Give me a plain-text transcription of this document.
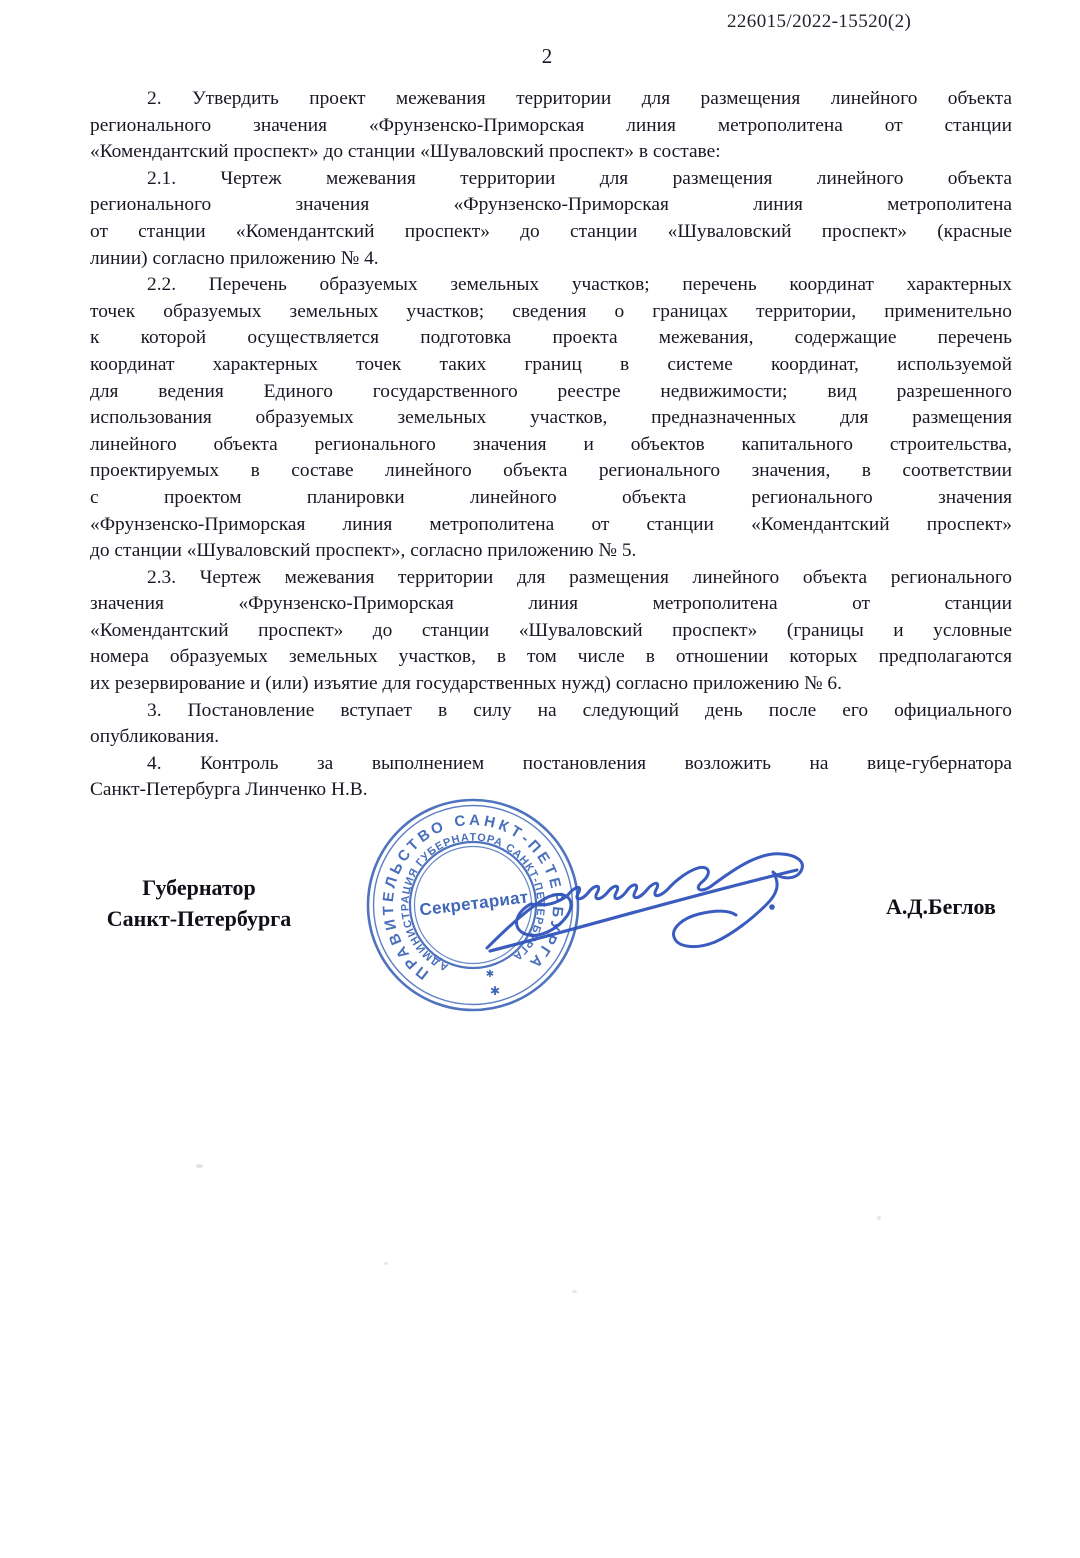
226015/2022-15520(2)
2
2. Утвердить проект межевания территории для размещения линейного объекта
регионального значения «Фрунзенско-Приморская линия метрополитена от станции
«Комендантский проспект» до станции «Шуваловский проспект» в составе:
2.1. Чертеж межевания территории для размещения линейного объекта
регионального значения «Фрунзенско-Приморская линия метрополитена
от станции «Комендантский проспект» до станции «Шуваловский проспект» (красные
линии) согласно приложению № 4.
2.2. Перечень образуемых земельных участков; перечень координат характерных
точек образуемых земельных участков; сведения о границах территории, применительно
к которой осуществляется подготовка проекта межевания, содержащие перечень
координат характерных точек таких границ в системе координат, используемой
для ведения Единого государственного реестре недвижимости; вид разрешенного
использования образуемых земельных участков, предназначенных для размещения
линейного объекта регионального значения и объектов капитального строительства,
проектируемых в составе линейного объекта регионального значения, в соответствии
с проектом планировки линейного объекта регионального значения
«Фрунзенско-Приморская линия метрополитена от станции «Комендантский проспект»
до станции «Шуваловский проспект», согласно приложению № 5.
2.3. Чертеж межевания территории для размещения линейного объекта регионального
значения «Фрунзенско-Приморская линия метрополитена от станции
«Комендантский проспект» до станции «Шуваловский проспект» (границы и условные
номера образуемых земельных участков, в том числе в отношении которых предполагаются
их резервирование и (или) изъятие для государственных нужд) согласно приложению № 6.
3. Постановление вступает в силу на следующий день после его официального
опубликования.
4. Контроль за выполнением постановления возложить на вице-губернатора
Санкт-Петербурга Линченко Н.В.
Губернатор
Санкт-Петербурга	А.Д.Беглов
ПРАВИТЕЛЬСТВО САНКТ-ПЕТЕРБУРГА
АДМИНИСТРАЦИЯ ГУБЕРНАТОРА САНКТ-ПЕТЕРБУРГА
✱
✱
Секретариат
